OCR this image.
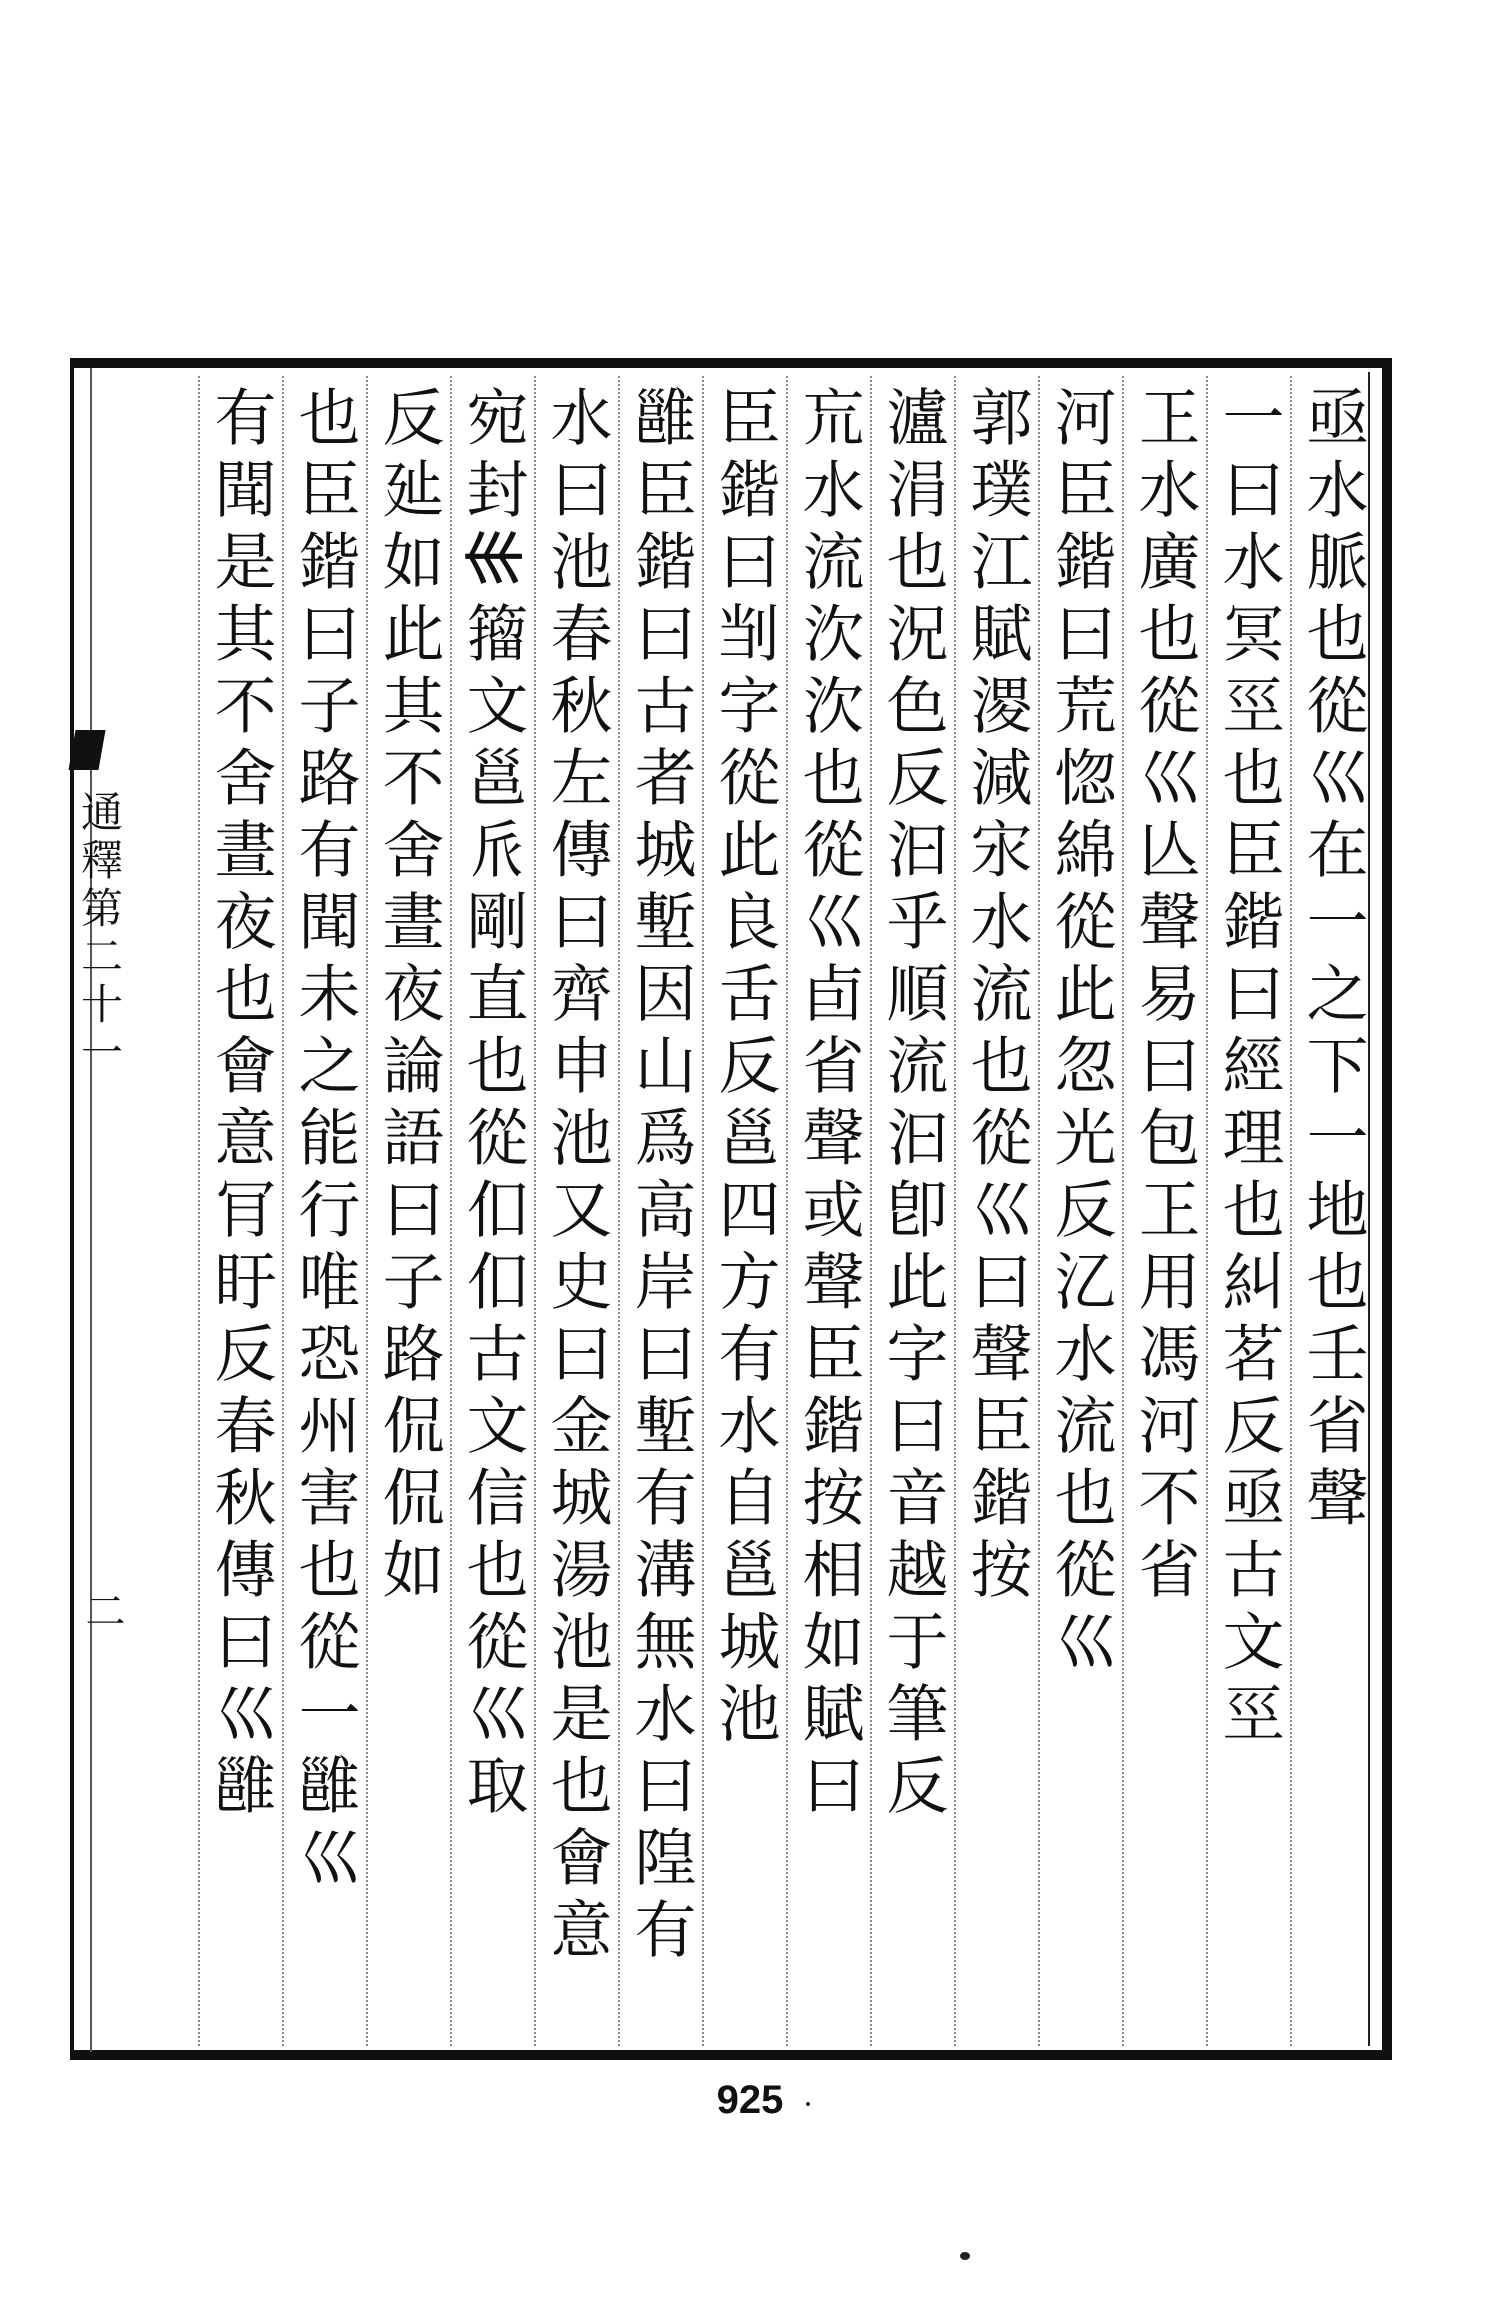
通釋第二十一
二
亟水脈也從巛在一之下一地也壬省聲
一曰水冥巠也臣鍇曰經理也糾茗反亟古文巠
㠪水廣也從巛亾聲易曰包㠪用馮河不省
河臣鍇曰荒惚綿從此忽光反㲸水流也從巛
郭璞江賦溭減㲾水流也從巛曰聲臣鍇按
瀘涓也況色反汩乎順流汩卽此字曰音越于筆反
巟水流㳄㳄也從巛卣省聲或聲臣鍇按相如賦曰
臣鍇曰㓥字從此良舌反邕四方有水自邕城池
雝臣鍇曰古者城塹因山爲高岸曰塹有溝無水曰隍有
水曰池春秋左傳曰齊申池又史曰金城湯池是也會意
宛封𡿧籀文邕𠂢剛直也從㐰㐰古文信也從巛取
反㢟如此其不舍晝夜論語曰子路侃侃如
也臣鍇曰子路有聞未之能行唯恐州害也從一雝巛
有聞是其不舍晝夜也會意肎盱反春秋傳曰巛雝
925
